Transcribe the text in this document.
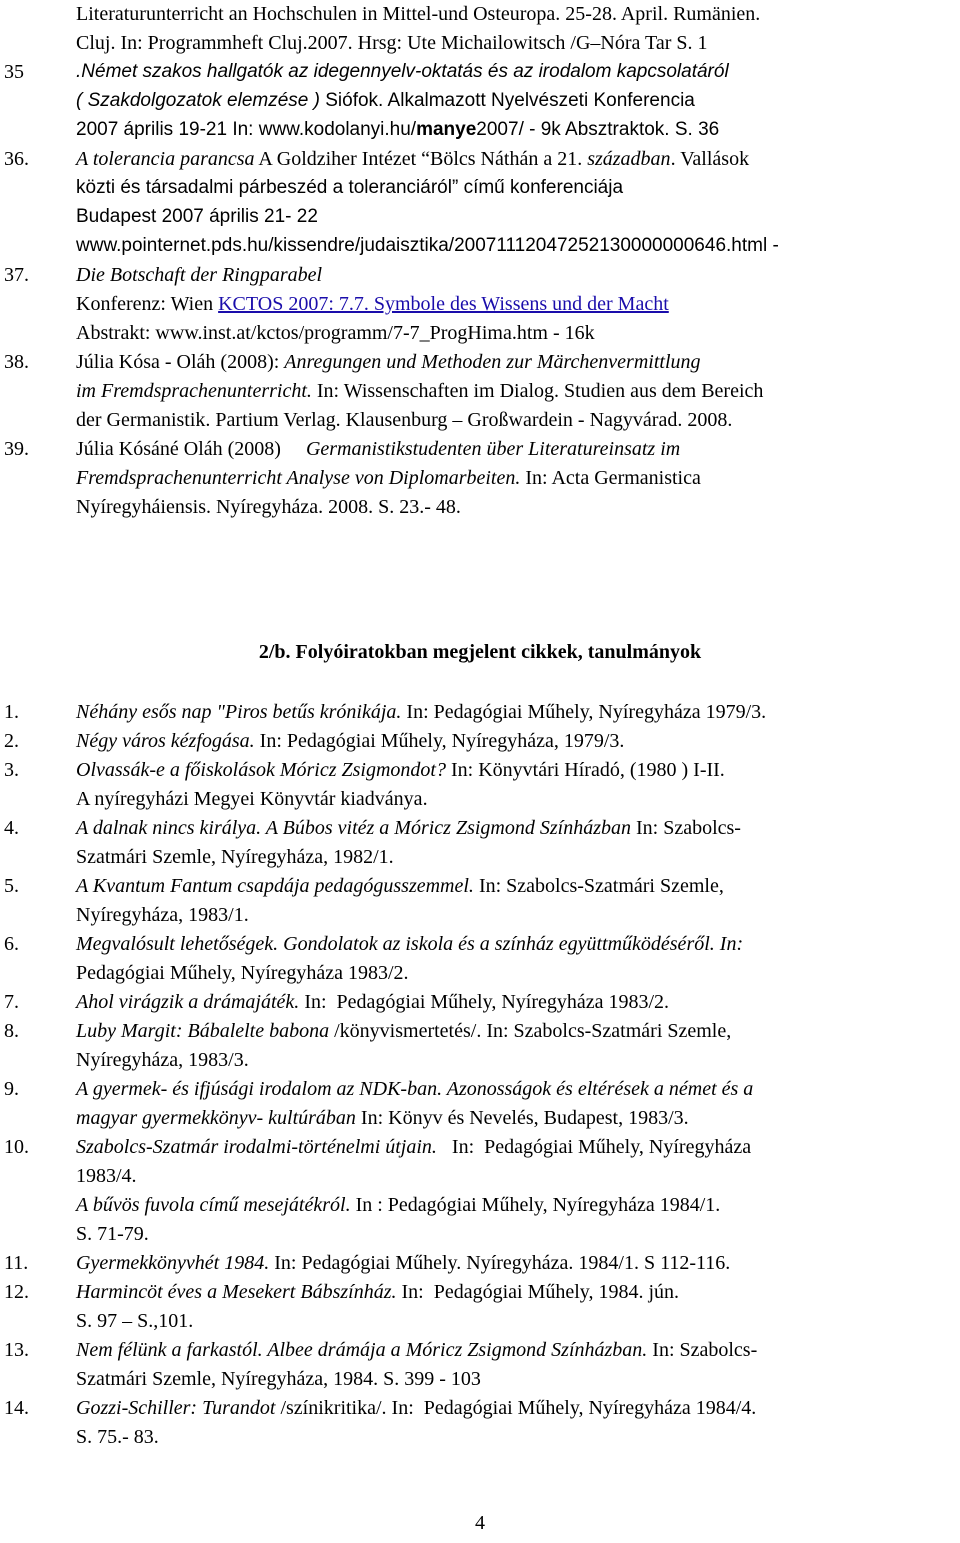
Literaturunterricht an Hochschulen in Mittel-und Osteuropa. 25-28. April. Rumänien.
Cluj. In: Programmheft Cluj.2007. Hrsg: Ute Michailowitsch /G–Nóra Tar S. 1
35	.Német szakos hallgatók az idegennyelv-oktatás és az irodalom kapcsolatáról
( Szakdolgozatok elemzése ) Siófok. Alkalmazott Nyelvészeti Konferencia
2007 április 19-21 In: www.kodolanyi.hu/manye2007/ - 9k Absztraktok. S. 36
36. A tolerancia parancsa A Goldziher Intézet “Bölcs Náthán a 21. században. Vallások
közti és társadalmi párbeszéd a toleranciáról” című konferenciája
Budapest 2007 április 21- 22
www.pointernet.pds.hu/kissendre/judaisztika/20071112047252130000000646.html -
37. Die Botschaft der Ringparabel
Konferenz: Wien KCTOS 2007: 7.7. Symbole des Wissens und der Macht
Abstrakt: www.inst.at/kctos/programm/7-7_ProgHima.htm - 16k
38. Júlia Kósa - Oláh (2008): Anregungen und Methoden zur Märchenvermittlung
im Fremdsprachenunterricht. In: Wissenschaften im Dialog. Studien aus dem Bereich
der Germanistik. Partium Verlag. Klausenburg – Großwardein - Nagyvárad. 2008.
39. Júlia Kósáné Oláh (2008)     Germanistikstudenten über Literatureinsatz im
Fremdsprachenunterricht Analyse von Diplomarbeiten. In: Acta Germanistica
Nyíregyháiensis. Nyíregyháza. 2008. S. 23.- 48.
2/b. Folyóiratokban megjelent cikkek, tanulmányok
1.	Néhány esős nap "Piros betűs krónikája. In: Pedagógiai Műhely, Nyíregyháza 1979/3.
2.	Négy város kézfogása. In: Pedagógiai Műhely, Nyíregyháza, 1979/3.
3.	Olvassák-e a főiskolások Móricz Zsigmondot? In: Könyvtári Híradó, (1980 ) I-II.
A nyíregyházi Megyei Könyvtár kiadványa.
4.	A dalnak nincs királya. A Búbos vitéz a Móricz Zsigmond Színházban In: Szabolcs-
Szatmári Szemle, Nyíregyháza, 1982/1.
5.	A Kvantum Fantum csapdája pedagógusszemmel. In: Szabolcs-Szatmári Szemle,
Nyíregyháza, 1983/1.
6.	Megvalósult lehetőségek. Gondolatok az iskola és a színház együttműködéséről. In:
Pedagógiai Műhely, Nyíregyháza 1983/2.
7.	Ahol virágzik a drámajáték. In:  Pedagógiai Műhely, Nyíregyháza 1983/2.
8.	Luby Margit: Bábalelte babona /könyvismertetés/. In: Szabolcs-Szatmári Szemle,
Nyíregyháza, 1983/3.
9.	A gyermek- és ifjúsági irodalom az NDK-ban. Azonosságok és eltérések a német és a
magyar gyermekkönyv- kultúrában In: Könyv és Nevelés, Budapest, 1983/3.
10. Szabolcs-Szatmár irodalmi-történelmi útjain.   In:  Pedagógiai Műhely, Nyíregyháza
1983/4.
A bűvös fuvola című mesejátékról. In : Pedagógiai Műhely, Nyíregyháza 1984/1.
S. 71-79.
11. Gyermekkönyvhét 1984. In: Pedagógiai Műhely. Nyíregyháza. 1984/1. S 112-116.
12. Harmincöt éves a Mesekert Bábszínház. In:  Pedagógiai Műhely, 1984. jún.
S. 97 – S.,101.
13. Nem félünk a farkastól. Albee drámája a Móricz Zsigmond Színházban. In: Szabolcs-
Szatmári Szemle, Nyíregyháza, 1984. S. 399 - 103
14. Gozzi-Schiller: Turandot /színikritika/. In:  Pedagógiai Műhely, Nyíregyháza 1984/4.
S. 75.- 83.
4
